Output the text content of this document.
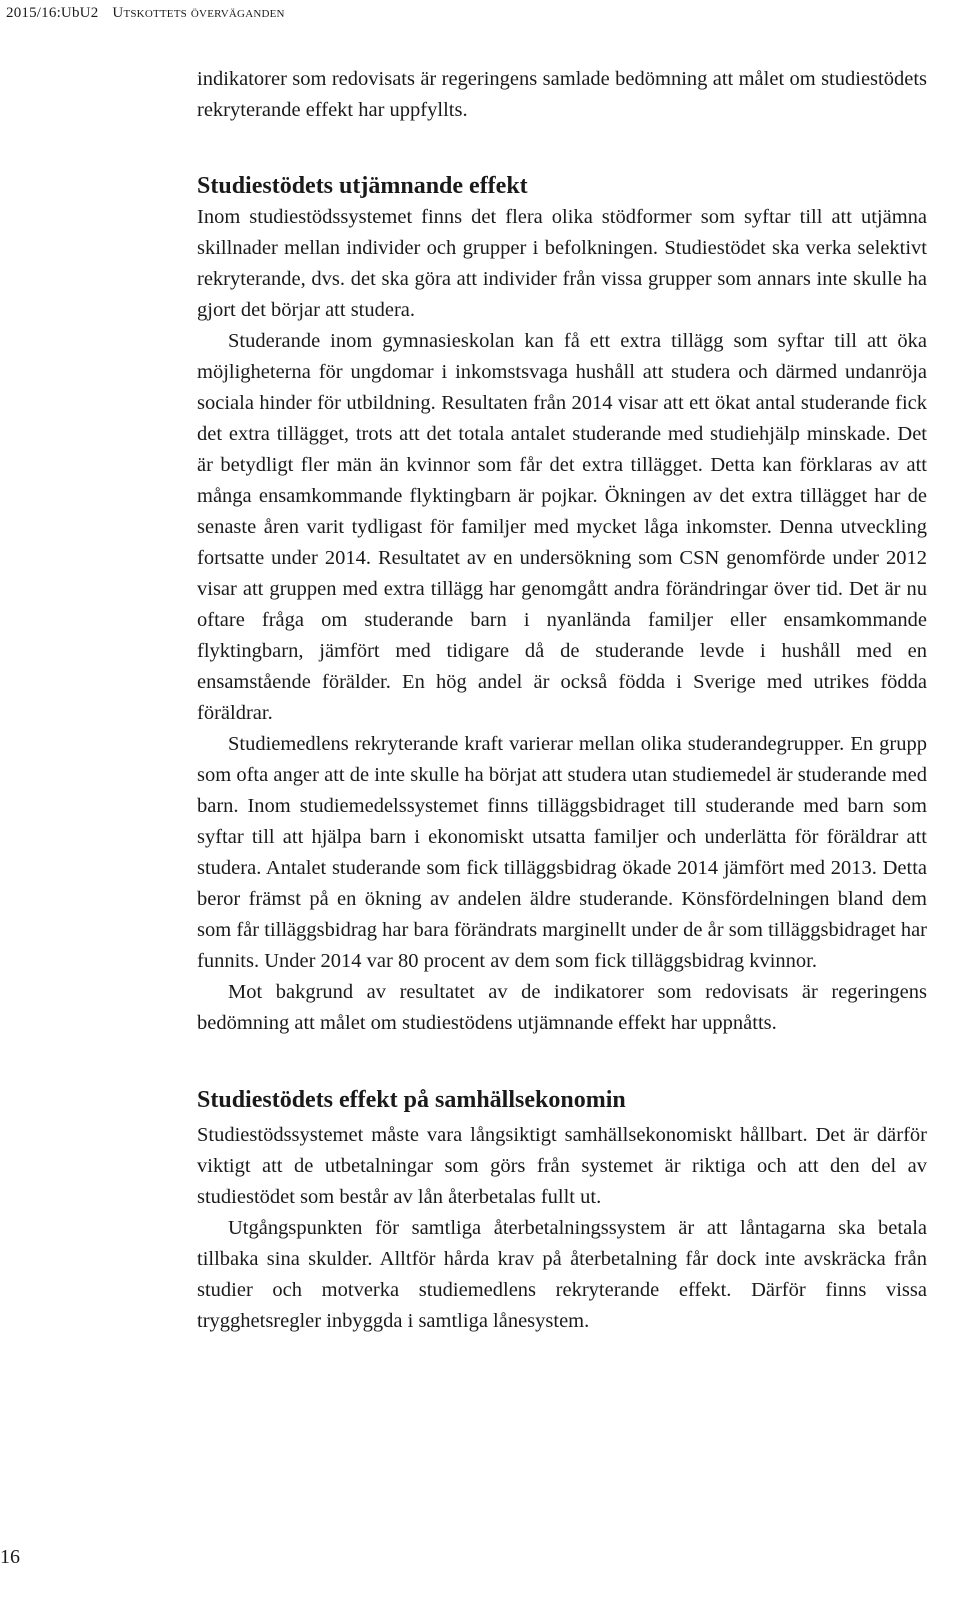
2015/16:UbU2 Utskottets överväganden

indikatorer som redovisats är regeringens samlade bedömning att målet om studiestödets rekryterande effekt har uppfyllts.

Studiestödets utjämnande effekt

Inom studiestödssystemet finns det flera olika stödformer som syftar till att utjämna skillnader mellan individer och grupper i befolkningen. Studiestödet ska verka selektivt rekryterande, dvs. det ska göra att individer från vissa grupper som annars inte skulle ha gjort det börjar att studera.

Studerande inom gymnasieskolan kan få ett extra tillägg som syftar till att öka möjligheterna för ungdomar i inkomstsvaga hushåll att studera och därmed undanröja sociala hinder för utbildning. Resultaten från 2014 visar att ett ökat antal studerande fick det extra tillägget, trots att det totala antalet studerande med studiehjälp minskade. Det är betydligt fler män än kvinnor som får det extra tillägget. Detta kan förklaras av att många ensamkommande flyktingbarn är pojkar. Ökningen av det extra tillägget har de senaste åren varit tydligast för familjer med mycket låga inkomster. Denna utveckling fortsatte under 2014. Resultatet av en undersökning som CSN genomförde under 2012 visar att gruppen med extra tillägg har genomgått andra förändringar över tid. Det är nu oftare fråga om studerande barn i nyanlända familjer eller ensamkommande flyktingbarn, jämfört med tidigare då de studerande levde i hushåll med en ensamstående förälder. En hög andel är också födda i Sverige med utrikes födda föräldrar.

Studiemedlens rekryterande kraft varierar mellan olika studerandegrupper. En grupp som ofta anger att de inte skulle ha börjat att studera utan studiemedel är studerande med barn. Inom studiemedelssystemet finns tilläggsbidraget till studerande med barn som syftar till att hjälpa barn i ekonomiskt utsatta familjer och underlätta för föräldrar att studera. Antalet studerande som fick tilläggsbidrag ökade 2014 jämfört med 2013. Detta beror främst på en ökning av andelen äldre studerande. Könsfördelningen bland dem som får tilläggsbidrag har bara förändrats marginellt under de år som tilläggsbidraget har funnits. Under 2014 var 80 procent av dem som fick tilläggsbidrag kvinnor.

Mot bakgrund av resultatet av de indikatorer som redovisats är regeringens bedömning att målet om studiestödens utjämnande effekt har uppnåtts.

Studiestödets effekt på samhällsekonomin

Studiestödssystemet måste vara långsiktigt samhällsekonomiskt hållbart. Det är därför viktigt att de utbetalningar som görs från systemet är riktiga och att den del av studiestödet som består av lån återbetalas fullt ut.

Utgångspunkten för samtliga återbetalningssystem är att låntagarna ska betala tillbaka sina skulder. Alltför hårda krav på återbetalning får dock inte avskräcka från studier och motverka studiemedlens rekryterande effekt. Därför finns vissa trygghetsregler inbyggda i samtliga lånesystem.

16
